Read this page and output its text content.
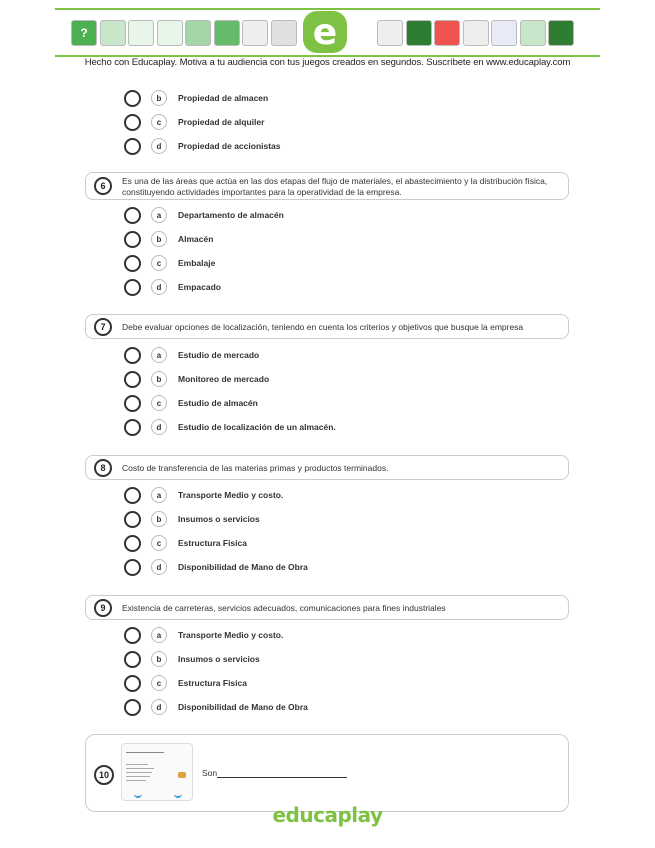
?	e
Hecho con Educaplay. Motiva a tu audiencia con tus juegos creados en segundos. Suscríbete en www.educaplay.com
b	Propiedad de almacen
c	Propiedad de alquiler
d	Propiedad de accionistas
6	Es una de las áreas que actúa en las dos etapas del flujo de materiales, el abastecimiento y la distribución física, constituyendo actividades importantes para la operatividad de la empresa.
a	Departamento de almacén
b	Almacén
c	Embalaje
d	Empacado
7	Debe evaluar opciones de localización, teniendo en cuenta los criterios y objetivos que busque la empresa
a	Estudio de mercado
b	Monitoreo de mercado
c	Estudio de almacén
d	Estudio de localización de un almacén.
8	Costo de transferencia de las materias primas y productos terminados.
a	Transporte Medio y costo.
b	Insumos o servicios
c	Estructura Fisica
d	Disponibilidad de Mano de Obra
9	Existencia de carreteras, servicios adecuados, comunicaciones para fines industriales
a	Transporte Medio y costo.
b	Insumos o servicios
c	Estructura Fisica
d	Disponibilidad de Mano de Obra
10	Son
educaplay
